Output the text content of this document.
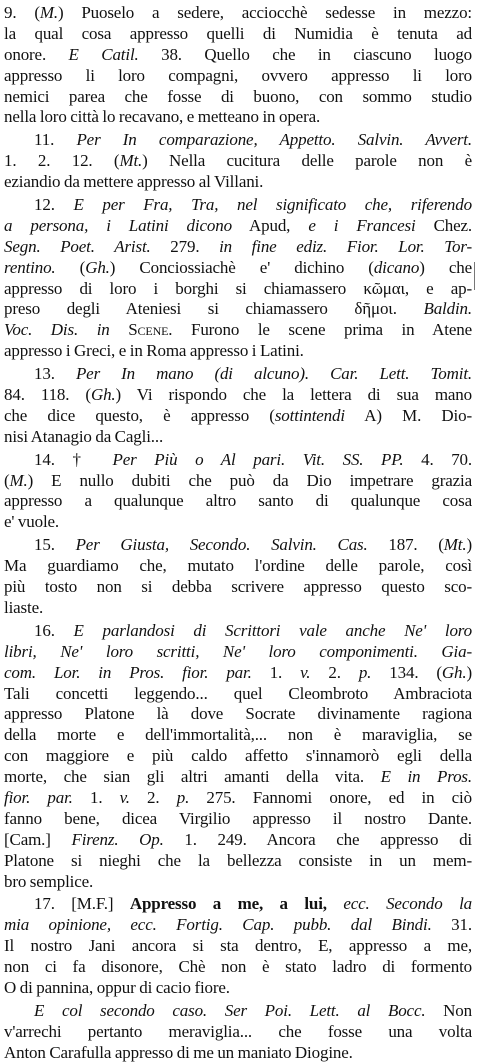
9. (M.) Puoselo a sedere, acciocchè sedesse in mezzo:
la qual cosa appresso quelli di Numidia è tenuta ad
onore. E Catil. 38. Quello che in ciascuno luogo
appresso li loro compagni, ovvero appresso li loro
nemici parea che fosse di buono, con sommo studio
nella loro città lo recavano, e metteano in opera.
11. Per In comparazione, Appetto. Salvin. Avvert.
1. 2. 12. (Mt.) Nella cucitura delle parole non è
eziandio da mettere appresso al Villani.
12. E per Fra, Tra, nel significato che, riferendo
a persona, i Latini dicono Apud, e i Francesi Chez.
Segn. Poet. Arist. 279. in fine ediz. Fior. Lor. Tor-
rentino. (Gh.) Conciossiachè e' dichino (dicano) che
appresso di loro i borghi si chiamassero κῶμαι, e ap-
preso degli Ateniesi si chiamassero δῆμοι. Baldin.
Voc. Dis. in Scene. Furono le scene prima in Atene
appresso i Greci, e in Roma appresso i Latini.
13. Per In mano (di alcuno). Car. Lett. Tomit.
84. 118. (Gh.) Vi rispondo che la lettera di sua mano
che dice questo, è appresso (sottintendi A) M. Dio-
nisi Atanagio da Cagli...
14. † Per Più o Al pari. Vit. SS. PP. 4. 70.
(M.) E nullo dubiti che può da Dio impetrare grazia
appresso a qualunque altro santo di qualunque cosa
e' vuole.
15. Per Giusta, Secondo. Salvin. Cas. 187. (Mt.)
Ma guardiamo che, mutato l'ordine delle parole, così
più tosto non si debba scrivere appresso questo sco-
liaste.
16. E parlandosi di Scrittori vale anche Ne' loro
libri, Ne' loro scritti, Ne' loro componimenti. Gia-
com. Lor. in Pros. fior. par. 1. v. 2. p. 134. (Gh.)
Tali concetti leggendo... quel Cleombroto Ambraciota
appresso Platone là dove Socrate divinamente ragiona
della morte e dell'immortalità,... non è maraviglia, se
con maggiore e più caldo affetto s'innamorò egli della
morte, che sian gli altri amanti della vita. E in Pros.
fior. par. 1. v. 2. p. 275. Fannomi onore, ed in ciò
fanno bene, dicea Virgilio appresso il nostro Dante.
[Cam.] Firenz. Op. 1. 249. Ancora che appresso di
Platone si nieghi che la bellezza consiste in un mem-
bro semplice.
17. [M.F.] Appresso a me, a lui, ecc. Secondo la
mia opinione, ecc. Fortig. Cap. pubb. dal Bindi. 31.
Il nostro Jani ancora si sta dentro, E, appresso a me,
non ci fa disonore, Chè non è stato ladro di formento
O di pannina, oppur di cacio fiore.
E col secondo caso. Ser Poi. Lett. al Bocc. Non
v'arrechi pertanto meraviglia... che fosse una volta
Anton Carafulla appresso di me un maniato Diogine.
